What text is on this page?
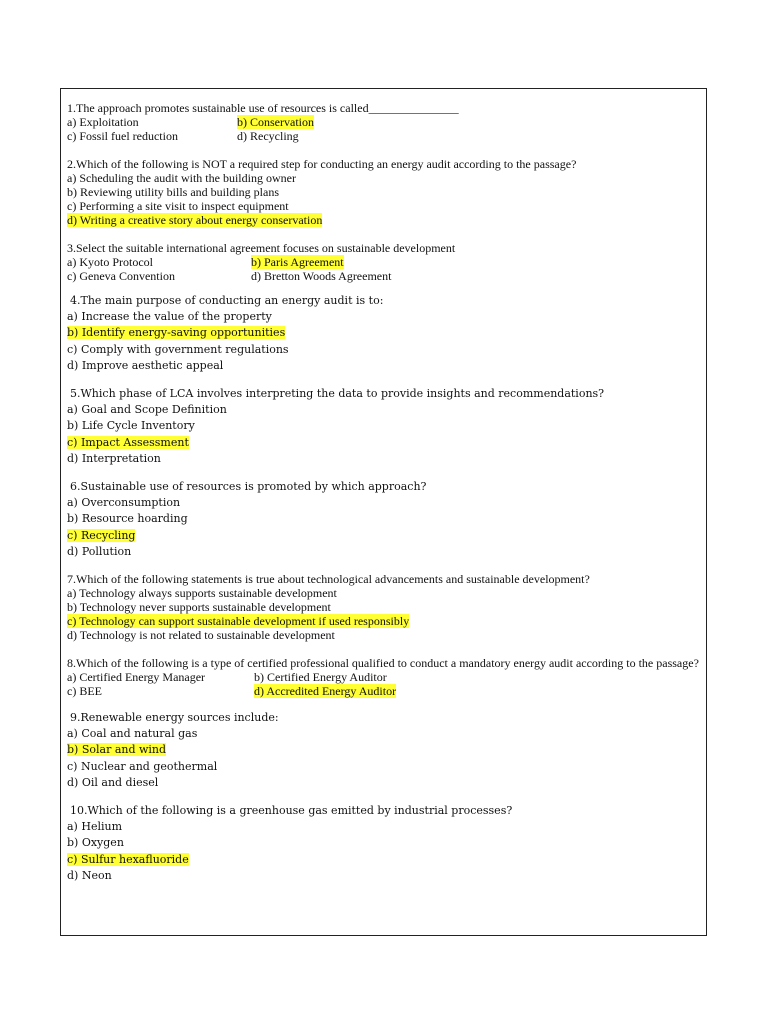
1.The approach promotes sustainable use of resources is called_______________
a) Exploitation	b) Conservation
c) Fossil fuel reduction	d) Recycling
2.Which of the following is NOT a required step for conducting an energy audit according to the passage?
a) Scheduling the audit with the building owner
b) Reviewing utility bills and building plans
c) Performing a site visit to inspect equipment
d) Writing a creative story about energy conservation
3.Select the suitable international agreement focuses on sustainable development
a) Kyoto Protocol	b) Paris Agreement
c) Geneva Convention	d) Bretton Woods Agreement
4.The main purpose of conducting an energy audit is to:
a) Increase the value of the property
b) Identify energy-saving opportunities
c) Comply with government regulations
d) Improve aesthetic appeal
5.Which phase of LCA involves interpreting the data to provide insights and recommendations?
a) Goal and Scope Definition
b) Life Cycle Inventory
c) Impact Assessment
d) Interpretation
6.Sustainable use of resources is promoted by which approach?
a) Overconsumption
b) Resource hoarding
c) Recycling
d) Pollution
7.Which of the following statements is true about technological advancements and sustainable development?
a) Technology always supports sustainable development
b) Technology never supports sustainable development
c) Technology can support sustainable development if used responsibly
d) Technology is not related to sustainable development
8.Which of the following is a type of certified professional qualified to conduct a mandatory energy audit according to the passage?
a) Certified Energy Manager	b) Certified Energy Auditor
c) BEE	d) Accredited Energy Auditor
9.Renewable energy sources include:
a) Coal and natural gas
b) Solar and wind
c) Nuclear and geothermal
d) Oil and diesel
10.Which of the following is a greenhouse gas emitted by industrial processes?
a) Helium
b) Oxygen
c) Sulfur hexafluoride
d) Neon
